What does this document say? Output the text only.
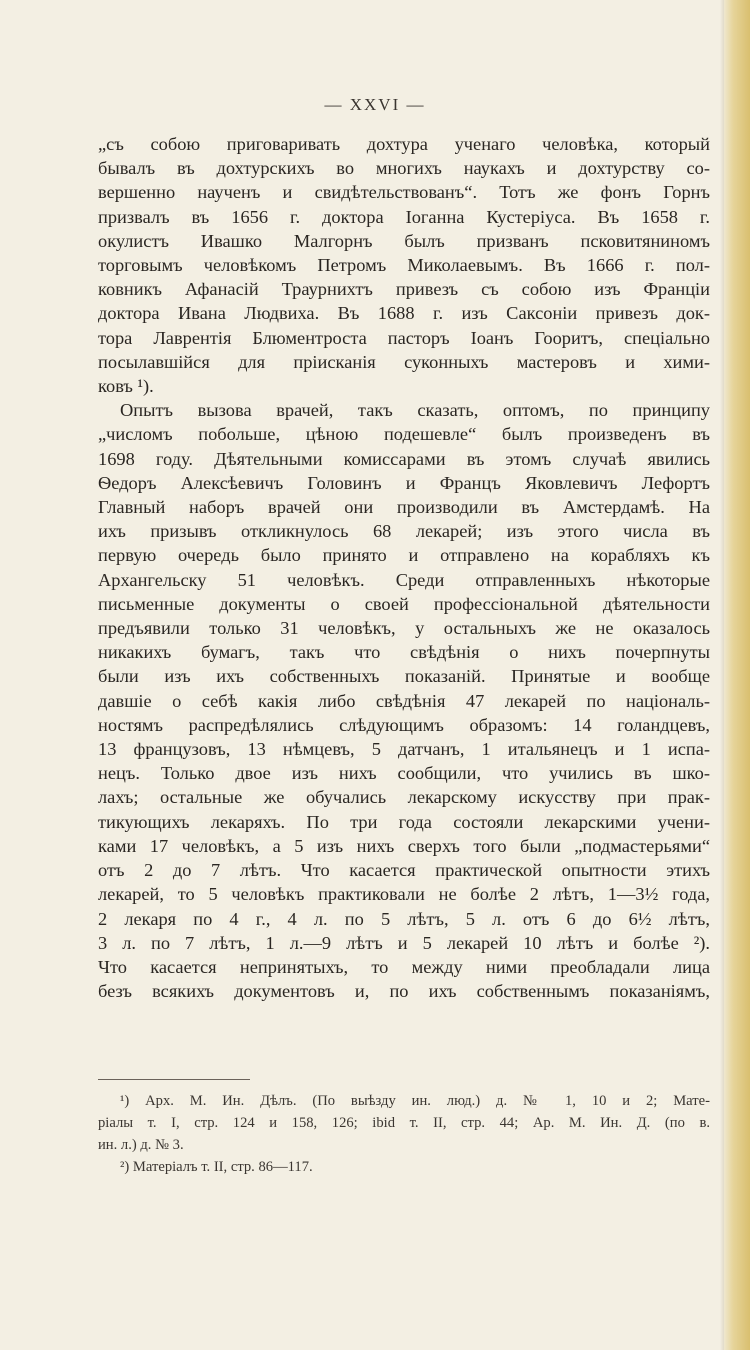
— XXVI —
„съ собою приговаривать дохтура ученаго человѣка, который
бывалъ въ дохтурскихъ во многихъ наукахъ и дохтурству со-
вершенно наученъ и свидѣтельствованъ“. Тотъ же фонъ Горнъ
призвалъ въ 1656 г. доктора Іоганна Кустеріуса. Въ 1658 г.
окулистъ Ивашко Малгорнъ былъ призванъ псковитяниномъ
торговымъ человѣкомъ Петромъ Миколаевымъ. Въ 1666 г. пол-
ковникъ Афанасій Траурнихтъ привезъ съ собою изъ Франціи
доктора Ивана Людвиха. Въ 1688 г. изъ Саксоніи привезъ док-
тора Лаврентія Блюментроста пасторъ Іоанъ Гооритъ, спеціально
посылавшійся для пріисканія суконныхъ мастеровъ и хими-
ковъ ¹).
Опытъ вызова врачей, такъ сказать, оптомъ, по принципу
„числомъ побольше, цѣною подешевле“ былъ произведенъ въ
1698 году. Дѣятельными комиссарами въ этомъ случаѣ явились
Ѳедоръ Алексѣевичъ Головинъ и Францъ Яковлевичъ Лефортъ
Главный наборъ врачей они производили въ Амстердамѣ. На
ихъ призывъ откликнулось 68 лекарей; изъ этого числа въ
первую очередь было принято и отправлено на корабляхъ къ
Архангельску 51 человѣкъ. Среди отправленныхъ нѣкоторые
письменные документы о своей профессіональной дѣятельности
предъявили только 31 человѣкъ, у остальныхъ же не оказалось
никакихъ бумагъ, такъ что свѣдѣнія о нихъ почерпнуты
были изъ ихъ собственныхъ показаній. Принятые и вообще
давшіе о себѣ какія либо свѣдѣнія 47 лекарей по національ-
ностямъ распредѣлялись слѣдующимъ образомъ: 14 голандцевъ,
13 французовъ, 13 нѣмцевъ, 5 датчанъ, 1 итальянецъ и 1 испа-
нецъ. Только двое изъ нихъ сообщили, что учились въ шко-
лахъ; остальные же обучались лекарскому искусству при прак-
тикующихъ лекаряхъ. По три года состояли лекарскими учени-
ками 17 человѣкъ, а 5 изъ нихъ сверхъ того были „подмастерьями“
отъ 2 до 7 лѣтъ. Что касается практической опытности этихъ
лекарей, то 5 человѣкъ практиковали не болѣе 2 лѣтъ, 1—3½ года,
2 лекаря по 4 г., 4 л. по 5 лѣтъ, 5 л. отъ 6 до 6½ лѣтъ,
3 л. по 7 лѣтъ, 1 л.—9 лѣтъ и 5 лекарей 10 лѣтъ и болѣе ²).
Что касается непринятыхъ, то между ними преобладали лица
безъ всякихъ документовъ и, по ихъ собственнымъ показаніямъ,
¹) Арх. М. Ин. Дѣлъ. (По выѣзду ин. люд.) д. № 1, 10 и 2; Мате-
ріалы т. I, стр. 124 и 158, 126; ibid т. II, стр. 44; Ар. М. Ин. Д. (по в.
ин. л.) д. № 3.
²) Матеріалъ т. II, стр. 86—117.
